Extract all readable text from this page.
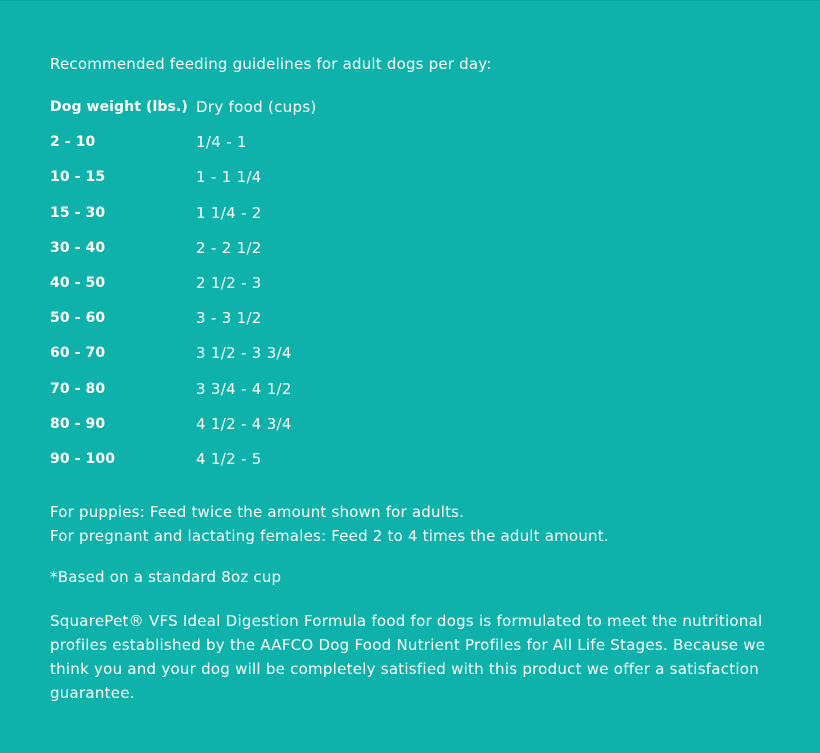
Recommended feeding guidelines for adult dogs per day:
Dog weight (lbs.) Dry food (cups)
2 - 10	1/4 - 1
10 - 15	1 - 1 1/4
15 - 30	1 1/4 - 2
30 - 40	2 - 2 1/2
40 - 50	2 1/2 - 3
50 - 60	3 - 3 1/2
60 - 70	3 1/2 - 3 3/4
70 - 80	3 3/4 - 4 1/2
80 - 90	4 1/2 - 4 3/4
90 - 100	4 1/2 - 5
For puppies: Feed twice the amount shown for adults.
For pregnant and lactating females: Feed 2 to 4 times the adult amount.
*Based on a standard 8oz cup
SquarePet® VFS Ideal Digestion Formula food for dogs is formulated to meet the nutritional profiles established by the AAFCO Dog Food Nutrient Profiles for All Life Stages. Because we think you and your dog will be completely satisfied with this product we offer a satisfaction guarantee.
